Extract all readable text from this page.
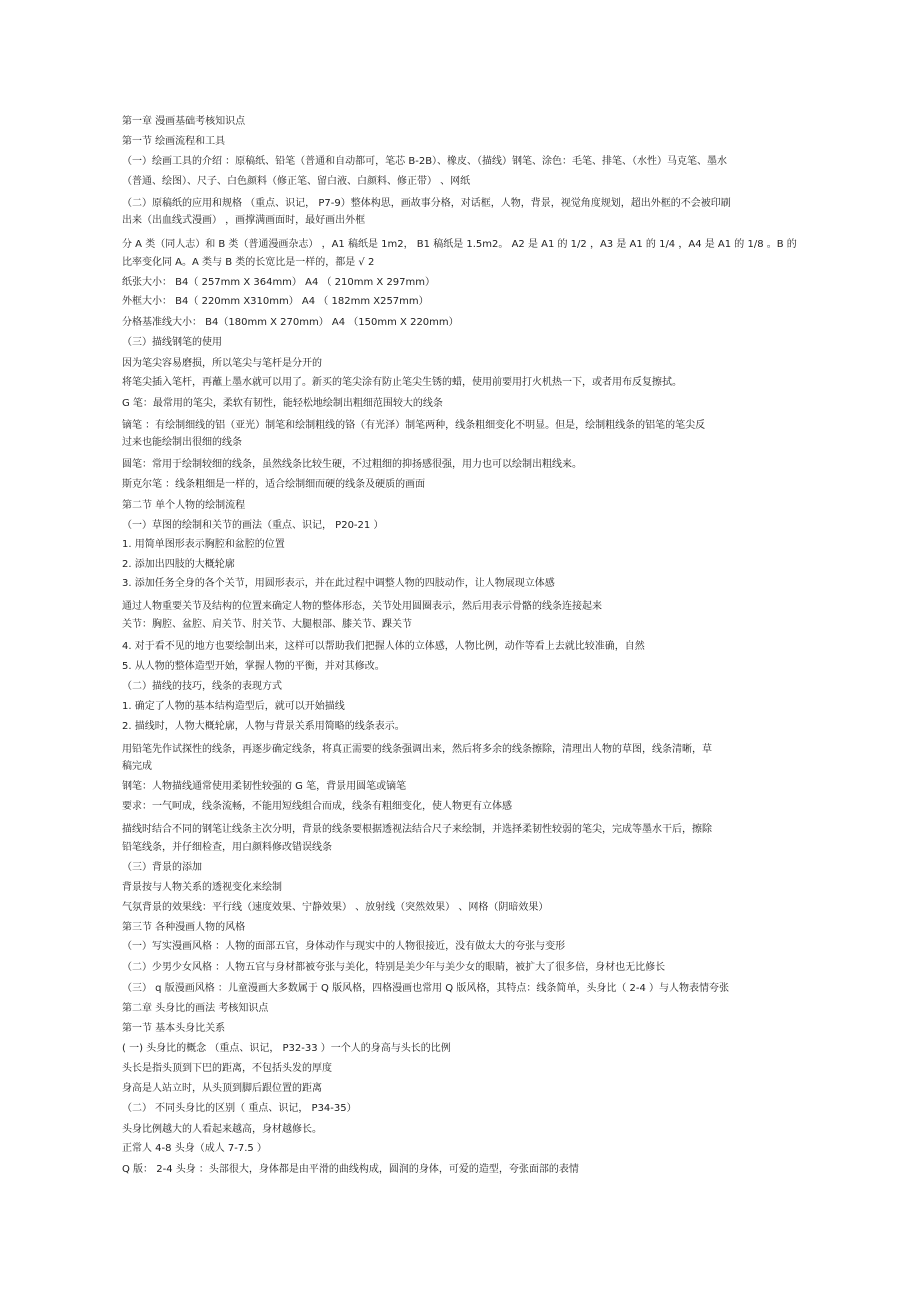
第一章 漫画基础考核知识点

第一节 绘画流程和工具

（一）绘画工具的介绍 ：原稿纸、铅笔（普通和自动都可，笔芯 B-2B）、橡皮、（描线）钢笔、涂色：毛笔、排笔、（水性）马克笔、墨水

（普通、绘图）、尺子、白色颜料（修正笔、留白液、白颜料、修正带） 、网纸

（二）原稿纸的应用和规格 （重点、识记， P7-9）整体构思，画故事分格，对话框，人物，背景，视觉角度规划，超出外框的不会被印刷

出来（出血线式漫画） ，画撑满画面时，最好画出外框

分 A 类（同人志）和 B 类（普通漫画杂志） ，A1 稿纸是 1m2， B1 稿纸是 1.5m2。 A2 是 A1 的 1/2 ，A3 是 A1 的 1/4 ，A4 是 A1 的 1/8 。B 的

比率变化同 A。A 类与 B 类的长宽比是一样的，都是 √ 2

纸张大小： B4（ 257mm X 364mm） A4 （ 210mm X 297mm）

外框大小： B4（ 220mm X310mm） A4 （ 182mm X257mm）

分格基准线大小： B4（180mm X 270mm） A4 （150mm X 220mm）

（三）描线钢笔的使用

因为笔尖容易磨损，所以笔尖与笔杆是分开的

将笔尖插入笔杆，再蘸上墨水就可以用了。新买的笔尖涂有防止笔尖生锈的蜡，使用前要用打火机热一下，或者用布反复擦拭。

G 笔：最常用的笔尖，柔软有韧性，能轻松地绘制出粗细范围较大的线条

镝笔 ：有绘制细线的铝（亚光）制笔和绘制粗线的铬（有光泽）制笔两种，线条粗细变化不明显。但是，绘制粗线条的铝笔的笔尖反

过来也能绘制出很细的线条

圆笔：常用于绘制较细的线条，虽然线条比较生硬，不过粗细的抑扬感很强，用力也可以绘制出粗线来。

斯克尔笔 ：线条粗细是一样的，适合绘制细而硬的线条及硬质的画面

第二节 单个人物的绘制流程

（一）草图的绘制和关节的画法（重点、识记， P20-21 ）

1. 用简单图形表示胸腔和盆腔的位置

2. 添加出四肢的大概轮廓

3. 添加任务全身的各个关节，用圆形表示，并在此过程中调整人物的四肢动作，让人物展现立体感

通过人物重要关节及结构的位置来确定人物的整体形态，关节处用圆圈表示，然后用表示骨骼的线条连接起来

关节：胸腔、盆腔、肩关节、肘关节、大腿根部、膝关节、踝关节

4. 对于看不见的地方也要绘制出来，这样可以帮助我们把握人体的立体感，人物比例，动作等看上去就比较准确，自然

5. 从人物的整体造型开始，掌握人物的平衡，并对其修改。

（二）描线的技巧，线条的表现方式

1. 确定了人物的基本结构造型后，就可以开始描线

2. 描线时，人物大概轮廓，人物与背景关系用简略的线条表示。

用铅笔先作试探性的线条，再逐步确定线条，将真正需要的线条强调出来，然后将多余的线条擦除，清理出人物的草图，线条清晰，草

稿完成

钢笔：人物描线通常使用柔韧性较强的 G 笔，背景用圆笔或镝笔

要求：一气呵成，线条流畅，不能用短线组合而成，线条有粗细变化，使人物更有立体感

描线时结合不同的钢笔让线条主次分明，背景的线条要根据透视法结合尺子来绘制，并选择柔韧性较弱的笔尖，完成等墨水干后，擦除

铅笔线条，并仔细检查，用白颜料修改错误线条

（三）背景的添加

背景按与人物关系的透视变化来绘制

气氛背景的效果线：平行线（速度效果、宁静效果） 、放射线（突然效果） 、网格（阴暗效果）

第三节 各种漫画人物的风格

（一）写实漫画风格 ：人物的面部五官，身体动作与现实中的人物很接近，没有做太大的夸张与变形

（二）少男少女风格 ：人物五官与身材都被夸张与美化，特别是美少年与美少女的眼睛，被扩大了很多倍，身材也无比修长

（三） q 版漫画风格 ：儿童漫画大多数属于 Q 版风格，四格漫画也常用 Q 版风格，其特点：线条简单，头身比（ 2-4 ）与人物表情夸张

第二章 头身比的画法 考核知识点

第一节 基本头身比关系

( 一) 头身比的概念 （重点、识记， P32-33 ）一个人的身高与头长的比例

头长是指头顶到下巴的距离，不包括头发的厚度

身高是人站立时，从头顶到脚后跟位置的距离

（二） 不同头身比的区别（ 重点、识记， P34-35）

头身比例越大的人看起来越高，身材越修长。

正常人 4-8 头身（成人 7-7.5 ）

Q 版： 2-4 头身 ：头部很大，身体都是由平滑的曲线构成，圆润的身体，可爱的造型，夸张面部的表情
